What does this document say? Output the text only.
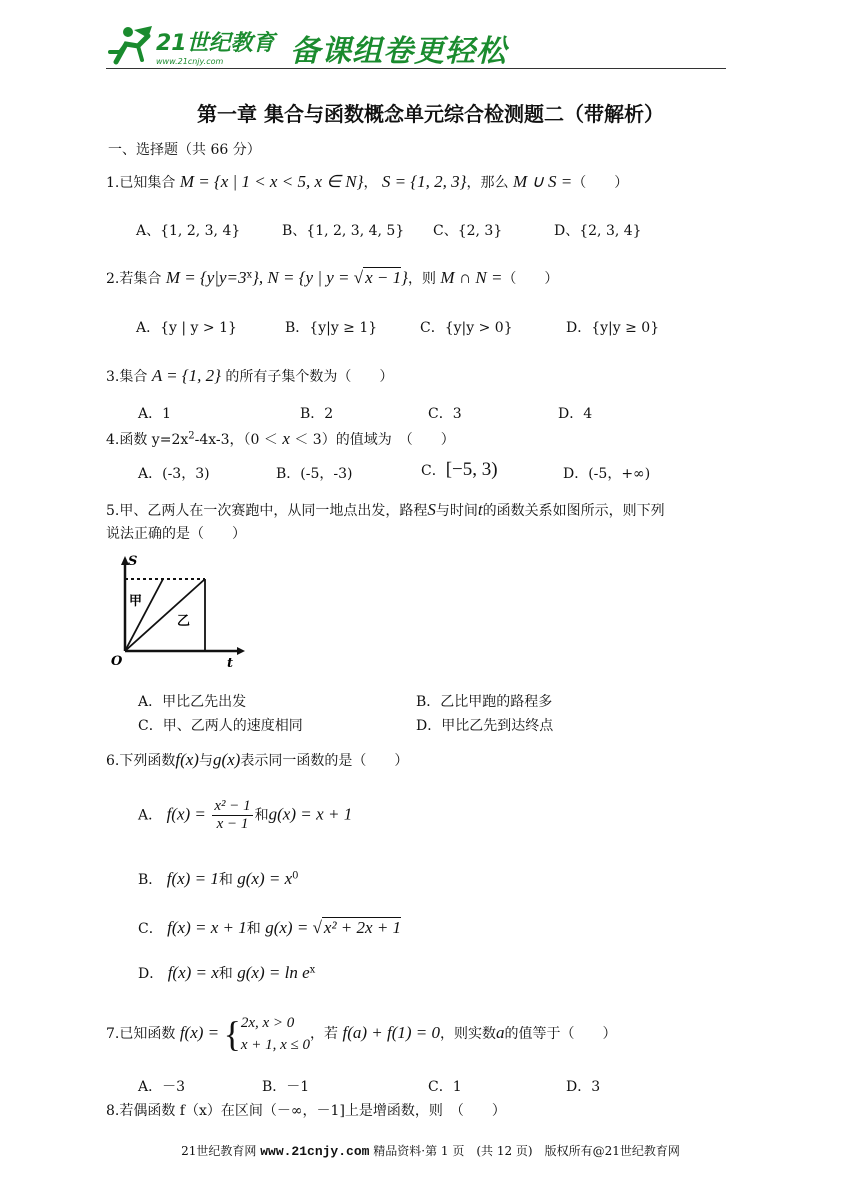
21世纪教育
www.21cnjy.com 备课组卷更轻松
第一章 集合与函数概念单元综合检测题二（带解析）
一、选择题（共 66 分）
1.已知集合 M = {x | 1 < x < 5, x ∈ N}， S = {1, 2, 3}，那么 M ∪ S =（　　）
A、{1, 2, 3, 4}	B、{1, 2, 3, 4, 5} C、{2, 3}	D、{2, 3, 4}
2.若集合 $M = \{y|y=3^x\}$, N = {y | y = √ x − 1}，则 M ∩ N =（　　）
A．{y | y > 1}	B．{y|y ≥ 1}	C．{y|y > 0}	D．{y|y ≥ 0}
3.集合 A = {1, 2} 的所有子集个数为（　　）
A．1	B．2	C．3	D．4
4.函数 $y=2x^2-4x-3$，（0 ＜ x ＜ 3）的值域为　（　　）
A．(-3，3)	B．(-5，-3)	C．[−5, 3)	D．(-5，+∞)
5.甲、乙两人在一次赛跑中，从同一地点出发，路程S与时间t的函数关系如图所示，则下列
说法正确的是（　　）
S
t
O
甲
乙
A．甲比乙先出发	B．乙比甲跑的路程多
C．甲、乙两人的速度相同	D．甲比乙先到达终点
6.下列函数f(x)与g(x)表示同一函数的是（　　）
A． $f(x) = \frac{\text{x² − 1}}{x - 1}$ 和g(x) = x + 1
B． f(x) = 1和 $g(x) = x^0$
C． f(x) = x + 1和 g(x) = √ x² + 2x + 1
D． f(x) = x和 $g(x) = \ln e^x$
7.已知函数 f(x) = { 2x, x > 0
x + 1, x ≤ 0
，若 f(a) + f(1) = 0，则实数a的值等于（　　）
A．－3	B．－1	C．1	D．3
8.若偶函数 f（x）在区间（－∞，－1]上是增函数，则　（　　）
21世纪教育网 www.21cnjy.com 精品资料·第 1 页　(共 12 页)　版权所有@21世纪教育网
